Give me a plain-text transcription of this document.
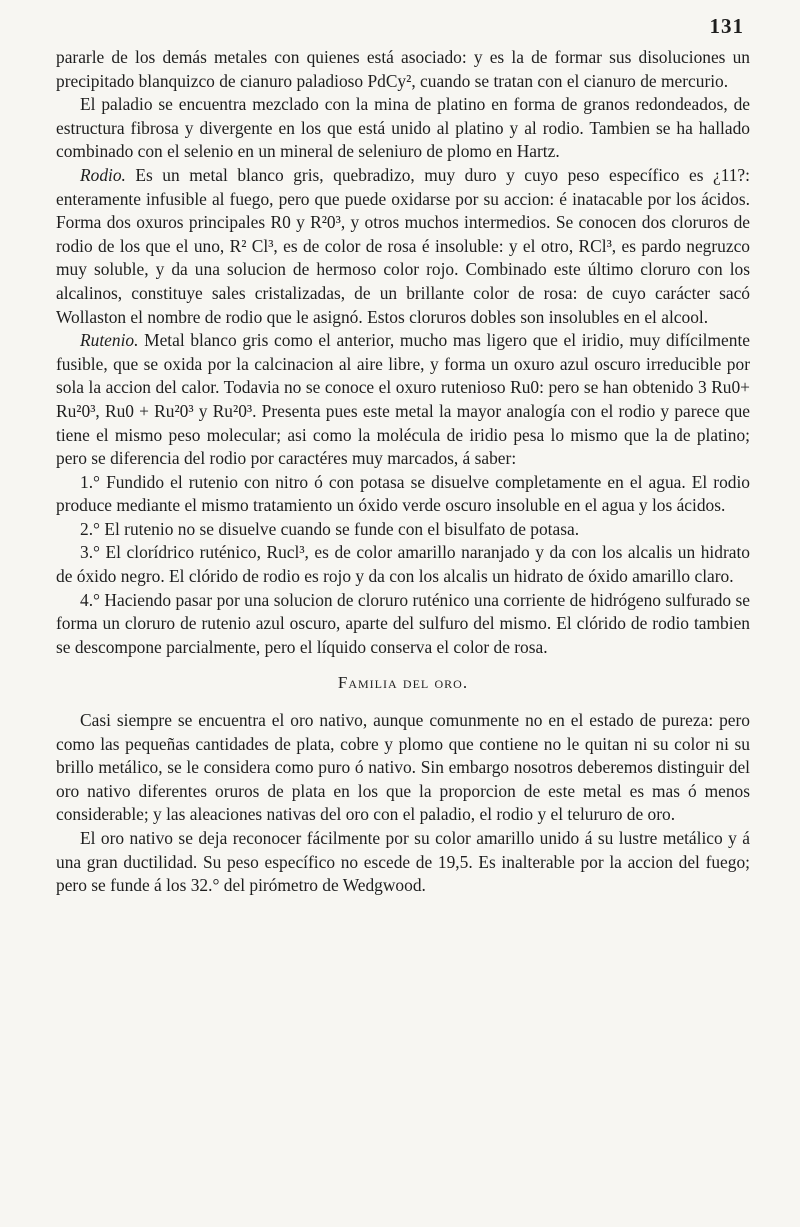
131

pararle de los demás metales con quienes está asociado: y es la de formar sus disoluciones un precipitado blanquizco de cianuro paladioso PdCy², cuando se tratan con el cianuro de mercurio.

El paladio se encuentra mezclado con la mina de platino en forma de granos redondeados, de estructura fibrosa y divergente en los que está unido al platino y al rodio. Tambien se ha hallado combinado con el selenio en un mineral de seleniuro de plomo en Hartz.

Rodio. Es un metal blanco gris, quebradizo, muy duro y cuyo peso específico es ¿11?: enteramente infusible al fuego, pero que puede oxidarse por su accion: é inatacable por los ácidos. Forma dos oxuros principales R0 y R²0³, y otros muchos intermedios. Se conocen dos cloruros de rodio de los que el uno, R² Cl³, es de color de rosa é insoluble: y el otro, RCl³, es pardo negruzco muy soluble, y da una solucion de hermoso color rojo. Combinado este último cloruro con los alcalinos, constituye sales cristalizadas, de un brillante color de rosa: de cuyo carácter sacó Wollaston el nombre de rodio que le asignó. Estos cloruros dobles son insolubles en el alcool.

Rutenio. Metal blanco gris como el anterior, mucho mas ligero que el iridio, muy difícilmente fusible, que se oxida por la calcinacion al aire libre, y forma un oxuro azul oscuro irreducible por sola la accion del calor. Todavia no se conoce el oxuro rutenioso Ru0: pero se han obtenido 3 Ru0+ Ru²0³, Ru0 + Ru²0³ y Ru²0³. Presenta pues este metal la mayor analogía con el rodio y parece que tiene el mismo peso molecular; asi como la molécula de iridio pesa lo mismo que la de platino; pero se diferencia del rodio por caractéres muy marcados, á saber:

1.° Fundido el rutenio con nitro ó con potasa se disuelve completamente en el agua. El rodio produce mediante el mismo tratamiento un óxido verde oscuro insoluble en el agua y los ácidos.

2.° El rutenio no se disuelve cuando se funde con el bisulfato de potasa.

3.° El clorídrico ruténico, Rucl³, es de color amarillo naranjado y da con los alcalis un hidrato de óxido negro. El clórido de rodio es rojo y da con los alcalis un hidrato de óxido amarillo claro.

4.° Haciendo pasar por una solucion de cloruro ruténico una corriente de hidrógeno sulfurado se forma un cloruro de rutenio azul oscuro, aparte del sulfuro del mismo. El clórido de rodio tambien se descompone parcialmente, pero el líquido conserva el color de rosa.

Familia del oro.

Casi siempre se encuentra el oro nativo, aunque comunmente no en el estado de pureza: pero como las pequeñas cantidades de plata, cobre y plomo que contiene no le quitan ni su color ni su brillo metálico, se le considera como puro ó nativo. Sin embargo nosotros deberemos distinguir del oro nativo diferentes oruros de plata en los que la proporcion de este metal es mas ó menos considerable; y las aleaciones nativas del oro con el paladio, el rodio y el telururo de oro.

El oro nativo se deja reconocer fácilmente por su color amarillo unido á su lustre metálico y á una gran ductilidad. Su peso específico no escede de 19,5. Es inalterable por la accion del fuego; pero se funde á los 32.° del pirómetro de Wedgwood.
